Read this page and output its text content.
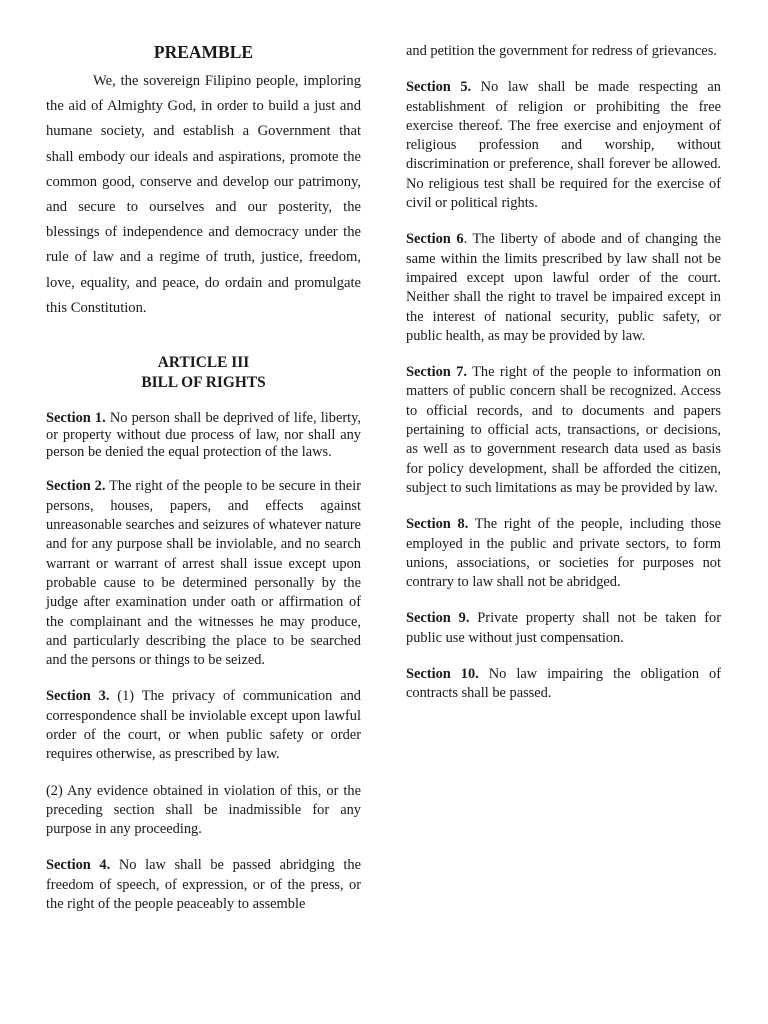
PREAMBLE

We, the sovereign Filipino people, imploring the aid of Almighty God, in order to build a just and humane society, and establish a Government that shall embody our ideals and aspirations, promote the common good, conserve and develop our patrimony, and secure to ourselves and our posterity, the blessings of independence and democracy under the rule of law and a regime of truth, justice, freedom, love, equality, and peace, do ordain and promulgate this Constitution.

ARTICLE III
BILL OF RIGHTS

Section 1. No person shall be deprived of life, liberty, or property without due process of law, nor shall any person be denied the equal protection of the laws.

Section 2. The right of the people to be secure in their persons, houses, papers, and effects against unreasonable searches and seizures of whatever nature and for any purpose shall be inviolable, and no search warrant or warrant of arrest shall issue except upon probable cause to be determined personally by the judge after examination under oath or affirmation of the complainant and the witnesses he may produce, and particularly describing the place to be searched and the persons or things to be seized.

Section 3. (1) The privacy of communication and correspondence shall be inviolable except upon lawful order of the court, or when public safety or order requires otherwise, as prescribed by law.

(2) Any evidence obtained in violation of this, or the preceding section shall be inadmissible for any purpose in any proceeding.

Section 4. No law shall be passed abridging the freedom of speech, of expression, or of the press, or the right of the people peaceably to assemble

and petition the government for redress of grievances.

Section 5. No law shall be made respecting an establishment of religion or prohibiting the free exercise thereof. The free exercise and enjoyment of religious profession and worship, without discrimination or preference, shall forever be allowed. No religious test shall be required for the exercise of civil or political rights.

Section 6. The liberty of abode and of changing the same within the limits prescribed by law shall not be impaired except upon lawful order of the court. Neither shall the right to travel be impaired except in the interest of national security, public safety, or public health, as may be provided by law.

Section 7. The right of the people to information on matters of public concern shall be recognized. Access to official records, and to documents and papers pertaining to official acts, transactions, or decisions, as well as to government research data used as basis for policy development, shall be afforded the citizen, subject to such limitations as may be provided by law.

Section 8. The right of the people, including those employed in the public and private sectors, to form unions, associations, or societies for purposes not contrary to law shall not be abridged.

Section 9. Private property shall not be taken for public use without just compensation.

Section 10. No law impairing the obligation of contracts shall be passed.
